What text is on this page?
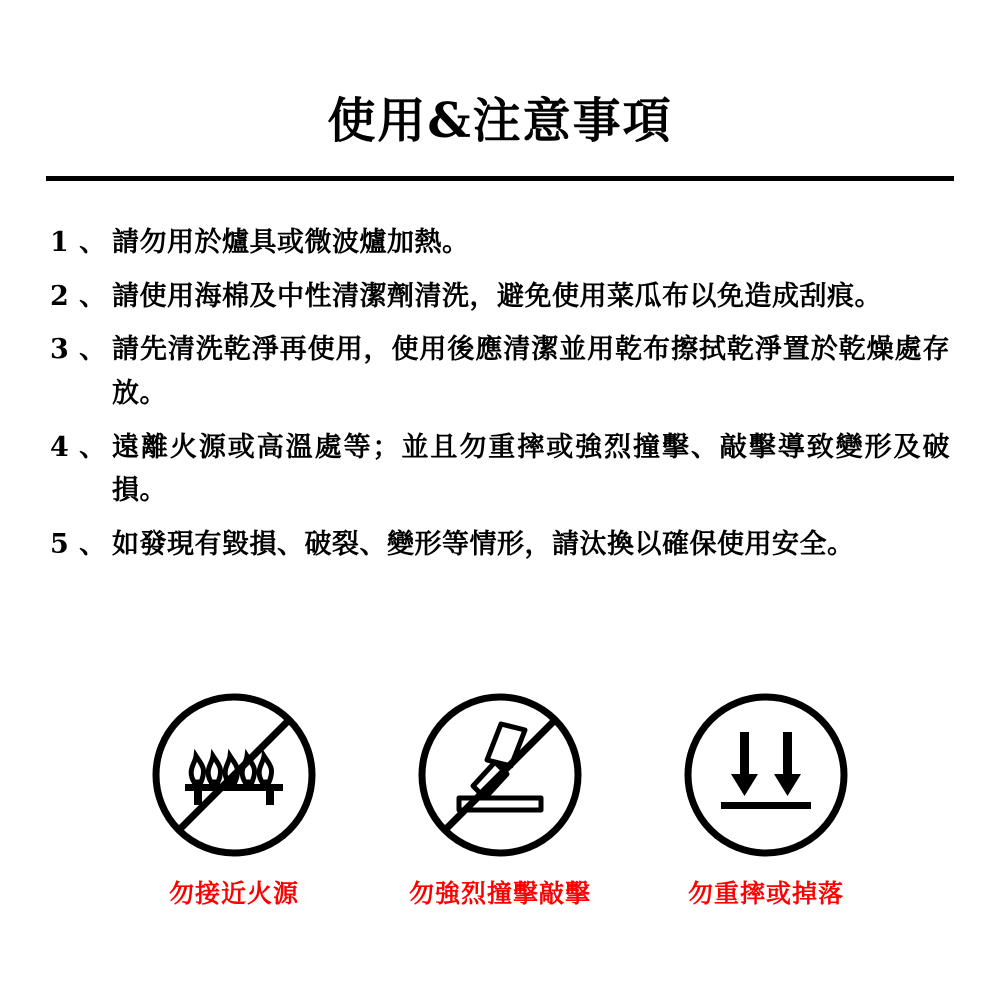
使用&注意事項
1 、 請勿用於爐具或微波爐加熱。
2 、 請使用海棉及中性清潔劑清洗，避免使用菜瓜布以免造成刮痕。
3 、 請先清洗乾淨再使用，使用後應清潔並用乾布擦拭乾淨置於乾燥處存放。
4 、 遠離火源或高溫處等；並且勿重摔或強烈撞擊、敲擊導致變形及破損。
5 、 如發現有毀損、破裂、變形等情形，請汰換以確保使用安全。
勿接近火源	勿強烈撞擊敲擊	勿重摔或掉落
